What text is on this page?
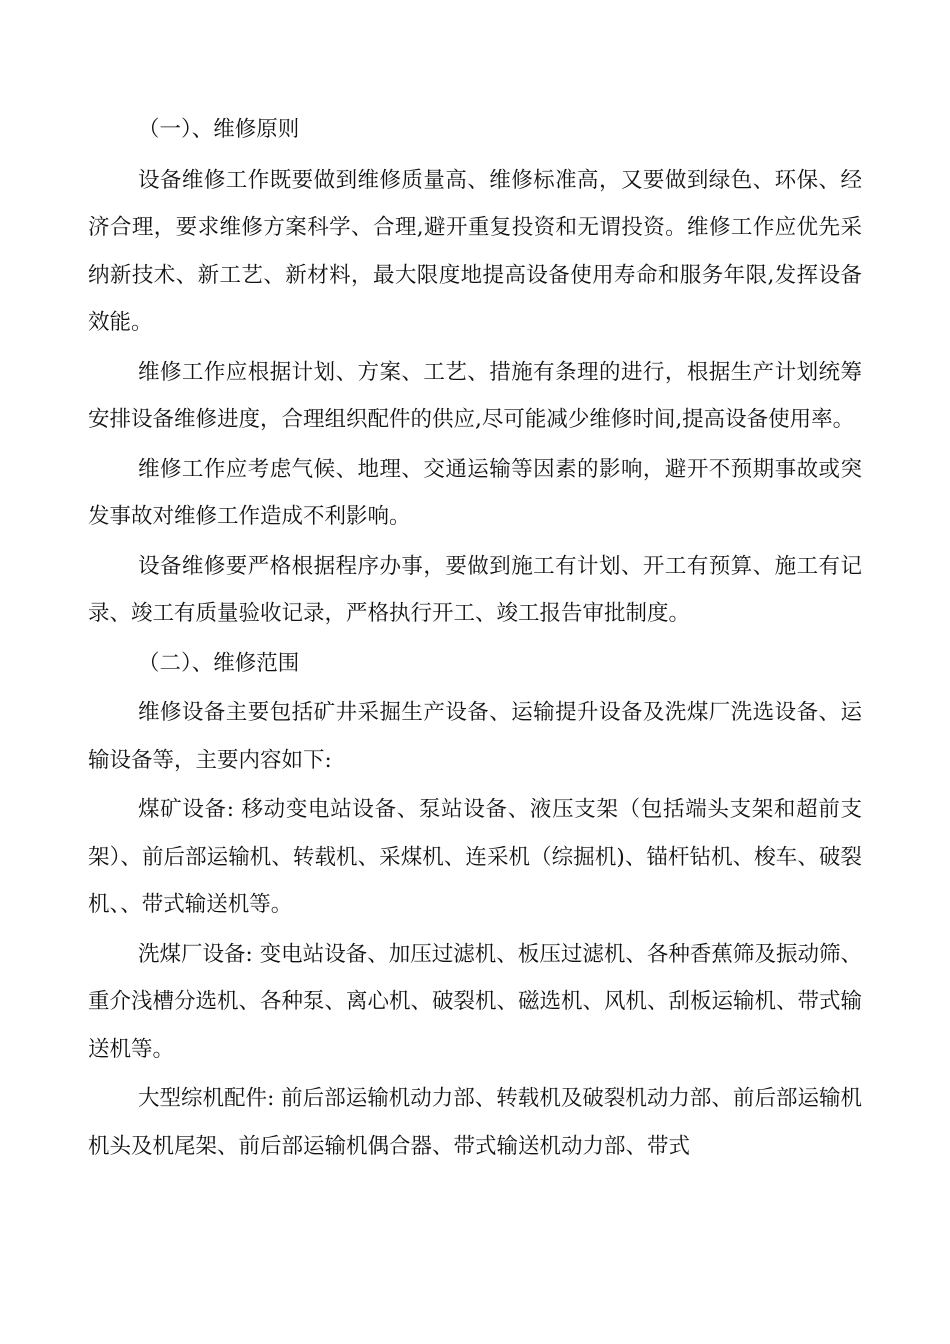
（一）、维修原则

设备维修工作既要做到维修质量高、维修标准高，又要做到绿色、环保、经济合理，要求维修方案科学、合理,避开重复投资和无谓投资。维修工作应优先采纳新技术、新工艺、新材料，最大限度地提高设备使用寿命和服务年限,发挥设备效能。

维修工作应根据计划、方案、工艺、措施有条理的进行，根据生产计划统筹安排设备维修进度，合理组织配件的供应,尽可能减少维修时间,提高设备使用率。

维修工作应考虑气候、地理、交通运输等因素的影响，避开不预期事故或突发事故对维修工作造成不利影响。

设备维修要严格根据程序办事，要做到施工有计划、开工有预算、施工有记录、竣工有质量验收记录，严格执行开工、竣工报告审批制度。

（二）、维修范围

维修设备主要包括矿井采掘生产设备、运输提升设备及洗煤厂洗选设备、运输设备等，主要内容如下:

煤矿设备: 移动变电站设备、泵站设备、液压支架（包括端头支架和超前支架）、前后部运输机、转载机、采煤机、连采机（综掘机)、锚杆钻机、梭车、破裂机、、带式输送机等。

洗煤厂设备: 变电站设备、加压过滤机、板压过滤机、各种香蕉筛及振动筛、重介浅槽分选机、各种泵、离心机、破裂机、磁选机、风机、刮板运输机、带式输送机等。

大型综机配件: 前后部运输机动力部、转载机及破裂机动力部、前后部运输机机头及机尾架、前后部运输机偶合器、带式输送机动力部、带式
